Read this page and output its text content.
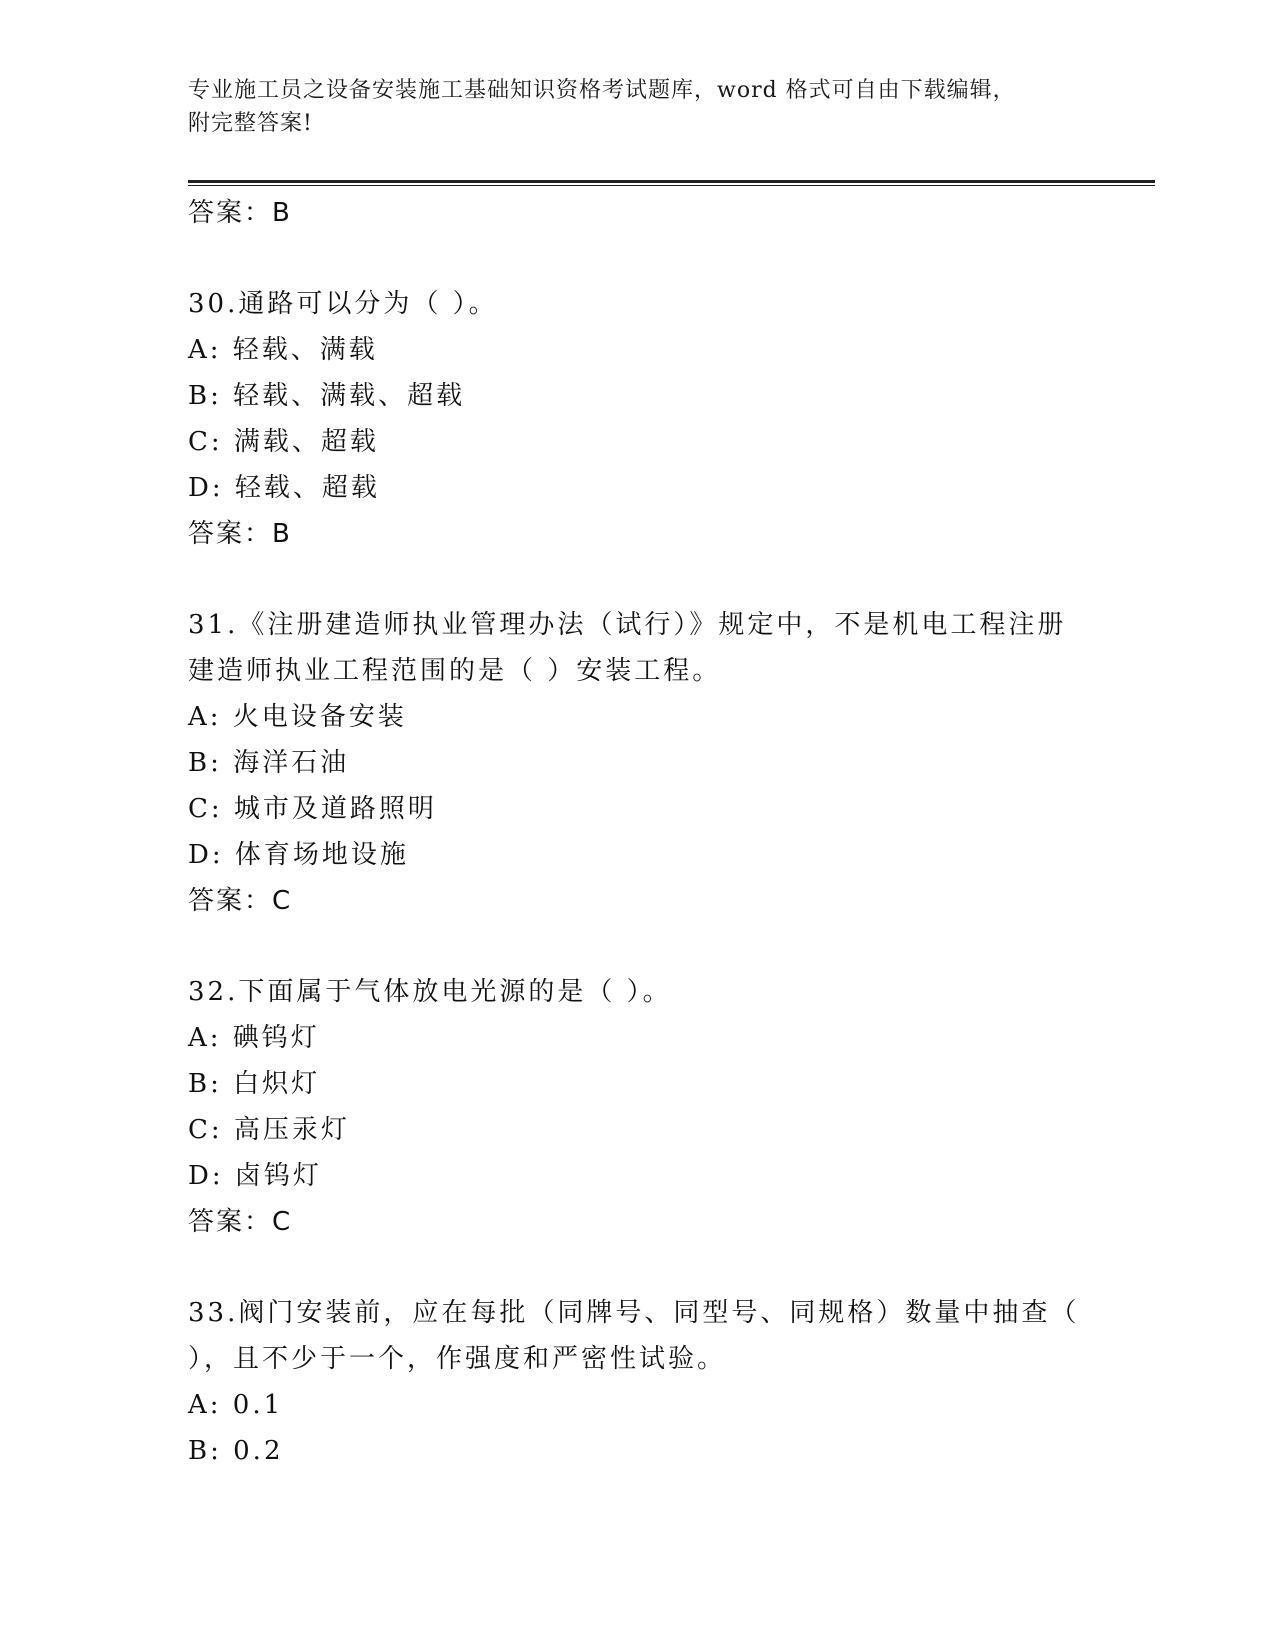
专业施工员之设备安装施工基础知识资格考试题库，word 格式可自由下载编辑，
附完整答案!
答案：B
30.通路可以分为（ ）。
A: 轻载、满载
B: 轻载、满载、超载
C: 满载、超载
D: 轻载、超载
答案：B
31.《注册建造师执业管理办法（试行）》规定中，不是机电工程注册
建造师执业工程范围的是（ ）安装工程。
A: 火电设备安装
B: 海洋石油
C: 城市及道路照明
D: 体育场地设施
答案：C
32.下面属于气体放电光源的是（ ）。
A: 碘钨灯
B: 白炽灯
C: 高压汞灯
D: 卤钨灯
答案：C
33.阀门安装前，应在每批（同牌号、同型号、同规格）数量中抽查（
），且不少于一个，作强度和严密性试验。
A: 0.1
B: 0.2
